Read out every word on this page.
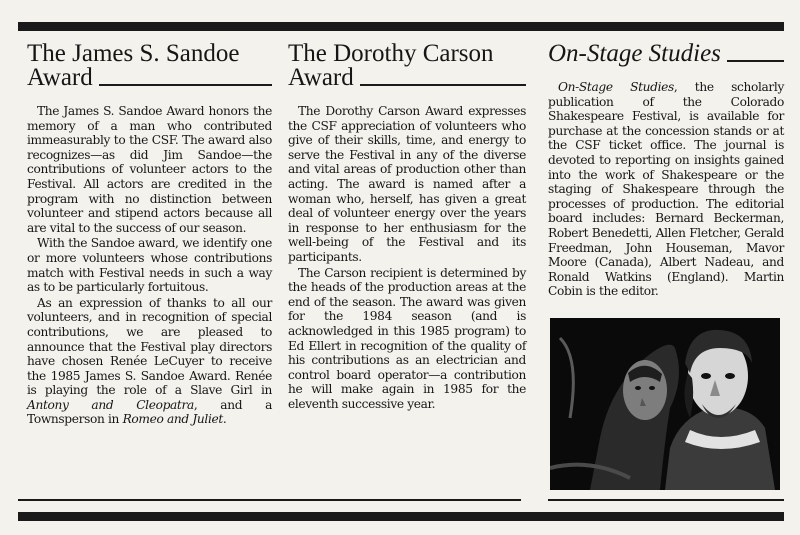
The James S. Sandoe
Award

The James S. Sandoe Award honors the memory of a man who contributed immeasurably to the CSF. The award also recognizes—as did Jim Sandoe—the contributions of volunteer actors to the Festival. All actors are credited in the program with no distinction between volunteer and stipend actors because all are vital to the success of our season.

With the Sandoe award, we identify one or more volunteers whose contributions match with Festival needs in such a way as to be particularly fortuitous.

As an expression of thanks to all our volunteers, and in recognition of special contributions, we are pleased to announce that the Festival play directors have chosen Renée LeCuyer to receive the 1985 James S. Sandoe Award. Renée is playing the role of a Slave Girl in Antony and Cleopatra, and a Townsperson in Romeo and Juliet.

The Dorothy Carson
Award

The Dorothy Carson Award expresses the CSF appreciation of volunteers who give of their skills, time, and energy to serve the Festival in any of the diverse and vital areas of production other than acting. The award is named after a woman who, herself, has given a great deal of volunteer energy over the years in response to her enthusiasm for the well-being of the Festival and its participants.

The Carson recipient is determined by the heads of the production areas at the end of the season. The award was given for the 1984 season (and is acknowledged in this 1985 program) to Ed Ellert in recognition of the quality of his contributions as an electrician and control board operator—a contribution he will make again in 1985 for the eleventh successive year.

On-Stage Studies

On-Stage Studies, the scholarly publication of the Colorado Shakespeare Festival, is available for purchase at the concession stands or at the CSF ticket office. The journal is devoted to reporting on insights gained into the work of Shakespeare or the staging of Shakespeare through the processes of production. The editorial board includes: Bernard Beckerman, Robert Benedetti, Allen Fletcher, Gerald Freedman, John Houseman, Mavor Moore (Canada), Albert Nadeau, and Ronald Watkins (England). Martin Cobin is the editor.
